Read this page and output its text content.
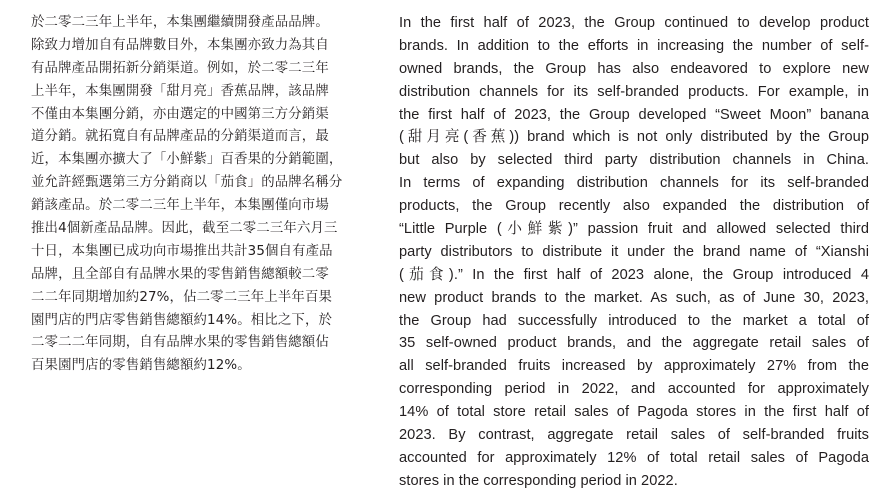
於二零二三年上半年，本集團繼續開發產品品牌。
除致力增加自有品牌數目外，本集團亦致力為其自
有品牌產品開拓新分銷渠道。例如，於二零二三年
上半年，本集團開發「甜月亮」香蕉品牌，該品牌
不僅由本集團分銷，亦由選定的中國第三方分銷渠
道分銷。就拓寬自有品牌產品的分銷渠道而言，最
近，本集團亦擴大了「小鮮紫」百香果的分銷範圍，
並允許經甄選第三方分銷商以「茄食」的品牌名稱分
銷該產品。於二零二三年上半年，本集團僅向市場
推出4個新產品品牌。因此，截至二零二三年六月三
十日，本集團已成功向市場推出共計35個自有產品
品牌，且全部自有品牌水果的零售銷售總額較二零
二二年同期增加約27%，佔二零二三年上半年百果
園門店的門店零售銷售總額約14%。相比之下，於
二零二二年同期，自有品牌水果的零售銷售總額佔
百果園門店的零售銷售總額約12%。
In the first half of 2023, the Group continued to develop product
brands. In addition to the efforts in increasing the number of self-
owned brands, the Group has also endeavored to explore new
distribution channels for its self-branded products. For example, in
the first half of 2023, the Group developed “Sweet Moon” banana
(甜月亮(香蕉)) brand which is not only distributed by the Group
but also by selected third party distribution channels in China.
In terms of expanding distribution channels for its self-branded
products, the Group recently also expanded the distribution of
“Little Purple (小鮮紫)” passion fruit and allowed selected third
party distributors to distribute it under the brand name of “Xianshi
(茄食).” In the first half of 2023 alone, the Group introduced 4
new product brands to the market. As such, as of June 30, 2023,
the Group had successfully introduced to the market a total of
35 self-owned product brands, and the aggregate retail sales of
all self-branded fruits increased by approximately 27% from the
corresponding period in 2022, and accounted for approximately
14% of total store retail sales of Pagoda stores in the first half of
2023. By contrast, aggregate retail sales of self-branded fruits
accounted for approximately 12% of total retail sales of Pagoda
stores in the corresponding period in 2022.
